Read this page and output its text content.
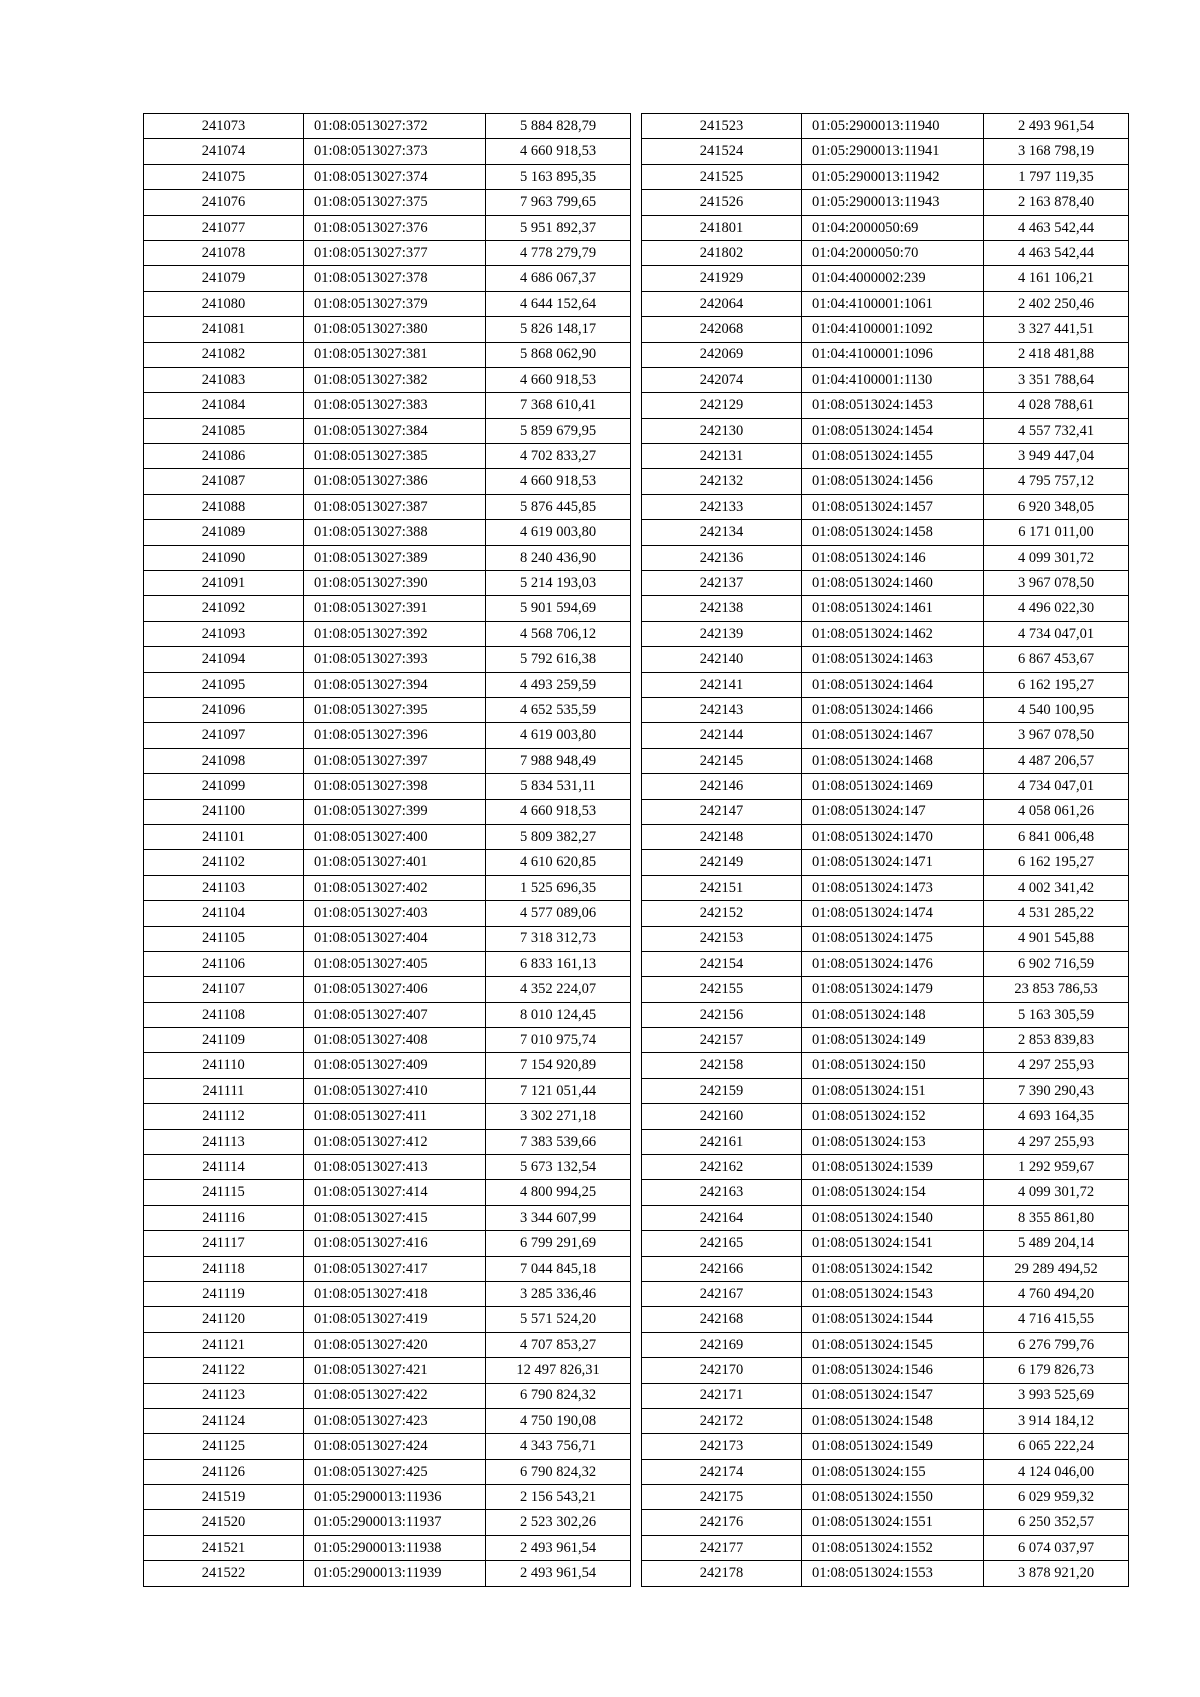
241073	01:08:0513027:372	5 884 828,79
241074	01:08:0513027:373	4 660 918,53
241075	01:08:0513027:374	5 163 895,35
241076	01:08:0513027:375	7 963 799,65
241077	01:08:0513027:376	5 951 892,37
241078	01:08:0513027:377	4 778 279,79
241079	01:08:0513027:378	4 686 067,37
241080	01:08:0513027:379	4 644 152,64
241081	01:08:0513027:380	5 826 148,17
241082	01:08:0513027:381	5 868 062,90
241083	01:08:0513027:382	4 660 918,53
241084	01:08:0513027:383	7 368 610,41
241085	01:08:0513027:384	5 859 679,95
241086	01:08:0513027:385	4 702 833,27
241087	01:08:0513027:386	4 660 918,53
241088	01:08:0513027:387	5 876 445,85
241089	01:08:0513027:388	4 619 003,80
241090	01:08:0513027:389	8 240 436,90
241091	01:08:0513027:390	5 214 193,03
241092	01:08:0513027:391	5 901 594,69
241093	01:08:0513027:392	4 568 706,12
241094	01:08:0513027:393	5 792 616,38
241095	01:08:0513027:394	4 493 259,59
241096	01:08:0513027:395	4 652 535,59
241097	01:08:0513027:396	4 619 003,80
241098	01:08:0513027:397	7 988 948,49
241099	01:08:0513027:398	5 834 531,11
241100	01:08:0513027:399	4 660 918,53
241101	01:08:0513027:400	5 809 382,27
241102	01:08:0513027:401	4 610 620,85
241103	01:08:0513027:402	1 525 696,35
241104	01:08:0513027:403	4 577 089,06
241105	01:08:0513027:404	7 318 312,73
241106	01:08:0513027:405	6 833 161,13
241107	01:08:0513027:406	4 352 224,07
241108	01:08:0513027:407	8 010 124,45
241109	01:08:0513027:408	7 010 975,74
241110	01:08:0513027:409	7 154 920,89
241111	01:08:0513027:410	7 121 051,44
241112	01:08:0513027:411	3 302 271,18
241113	01:08:0513027:412	7 383 539,66
241114	01:08:0513027:413	5 673 132,54
241115	01:08:0513027:414	4 800 994,25
241116	01:08:0513027:415	3 344 607,99
241117	01:08:0513027:416	6 799 291,69
241118	01:08:0513027:417	7 044 845,18
241119	01:08:0513027:418	3 285 336,46
241120	01:08:0513027:419	5 571 524,20
241121	01:08:0513027:420	4 707 853,27
241122	01:08:0513027:421	12 497 826,31
241123	01:08:0513027:422	6 790 824,32
241124	01:08:0513027:423	4 750 190,08
241125	01:08:0513027:424	4 343 756,71
241126	01:08:0513027:425	6 790 824,32
241519	01:05:2900013:11936	2 156 543,21
241520	01:05:2900013:11937	2 523 302,26
241521	01:05:2900013:11938	2 493 961,54
241522	01:05:2900013:11939	2 493 961,54
241523	01:05:2900013:11940	2 493 961,54
241524	01:05:2900013:11941	3 168 798,19
241525	01:05:2900013:11942	1 797 119,35
241526	01:05:2900013:11943	2 163 878,40
241801	01:04:2000050:69	4 463 542,44
241802	01:04:2000050:70	4 463 542,44
241929	01:04:4000002:239	4 161 106,21
242064	01:04:4100001:1061	2 402 250,46
242068	01:04:4100001:1092	3 327 441,51
242069	01:04:4100001:1096	2 418 481,88
242074	01:04:4100001:1130	3 351 788,64
242129	01:08:0513024:1453	4 028 788,61
242130	01:08:0513024:1454	4 557 732,41
242131	01:08:0513024:1455	3 949 447,04
242132	01:08:0513024:1456	4 795 757,12
242133	01:08:0513024:1457	6 920 348,05
242134	01:08:0513024:1458	6 171 011,00
242136	01:08:0513024:146	4 099 301,72
242137	01:08:0513024:1460	3 967 078,50
242138	01:08:0513024:1461	4 496 022,30
242139	01:08:0513024:1462	4 734 047,01
242140	01:08:0513024:1463	6 867 453,67
242141	01:08:0513024:1464	6 162 195,27
242143	01:08:0513024:1466	4 540 100,95
242144	01:08:0513024:1467	3 967 078,50
242145	01:08:0513024:1468	4 487 206,57
242146	01:08:0513024:1469	4 734 047,01
242147	01:08:0513024:147	4 058 061,26
242148	01:08:0513024:1470	6 841 006,48
242149	01:08:0513024:1471	6 162 195,27
242151	01:08:0513024:1473	4 002 341,42
242152	01:08:0513024:1474	4 531 285,22
242153	01:08:0513024:1475	4 901 545,88
242154	01:08:0513024:1476	6 902 716,59
242155	01:08:0513024:1479	23 853 786,53
242156	01:08:0513024:148	5 163 305,59
242157	01:08:0513024:149	2 853 839,83
242158	01:08:0513024:150	4 297 255,93
242159	01:08:0513024:151	7 390 290,43
242160	01:08:0513024:152	4 693 164,35
242161	01:08:0513024:153	4 297 255,93
242162	01:08:0513024:1539	1 292 959,67
242163	01:08:0513024:154	4 099 301,72
242164	01:08:0513024:1540	8 355 861,80
242165	01:08:0513024:1541	5 489 204,14
242166	01:08:0513024:1542	29 289 494,52
242167	01:08:0513024:1543	4 760 494,20
242168	01:08:0513024:1544	4 716 415,55
242169	01:08:0513024:1545	6 276 799,76
242170	01:08:0513024:1546	6 179 826,73
242171	01:08:0513024:1547	3 993 525,69
242172	01:08:0513024:1548	3 914 184,12
242173	01:08:0513024:1549	6 065 222,24
242174	01:08:0513024:155	4 124 046,00
242175	01:08:0513024:1550	6 029 959,32
242176	01:08:0513024:1551	6 250 352,57
242177	01:08:0513024:1552	6 074 037,97
242178	01:08:0513024:1553	3 878 921,20
